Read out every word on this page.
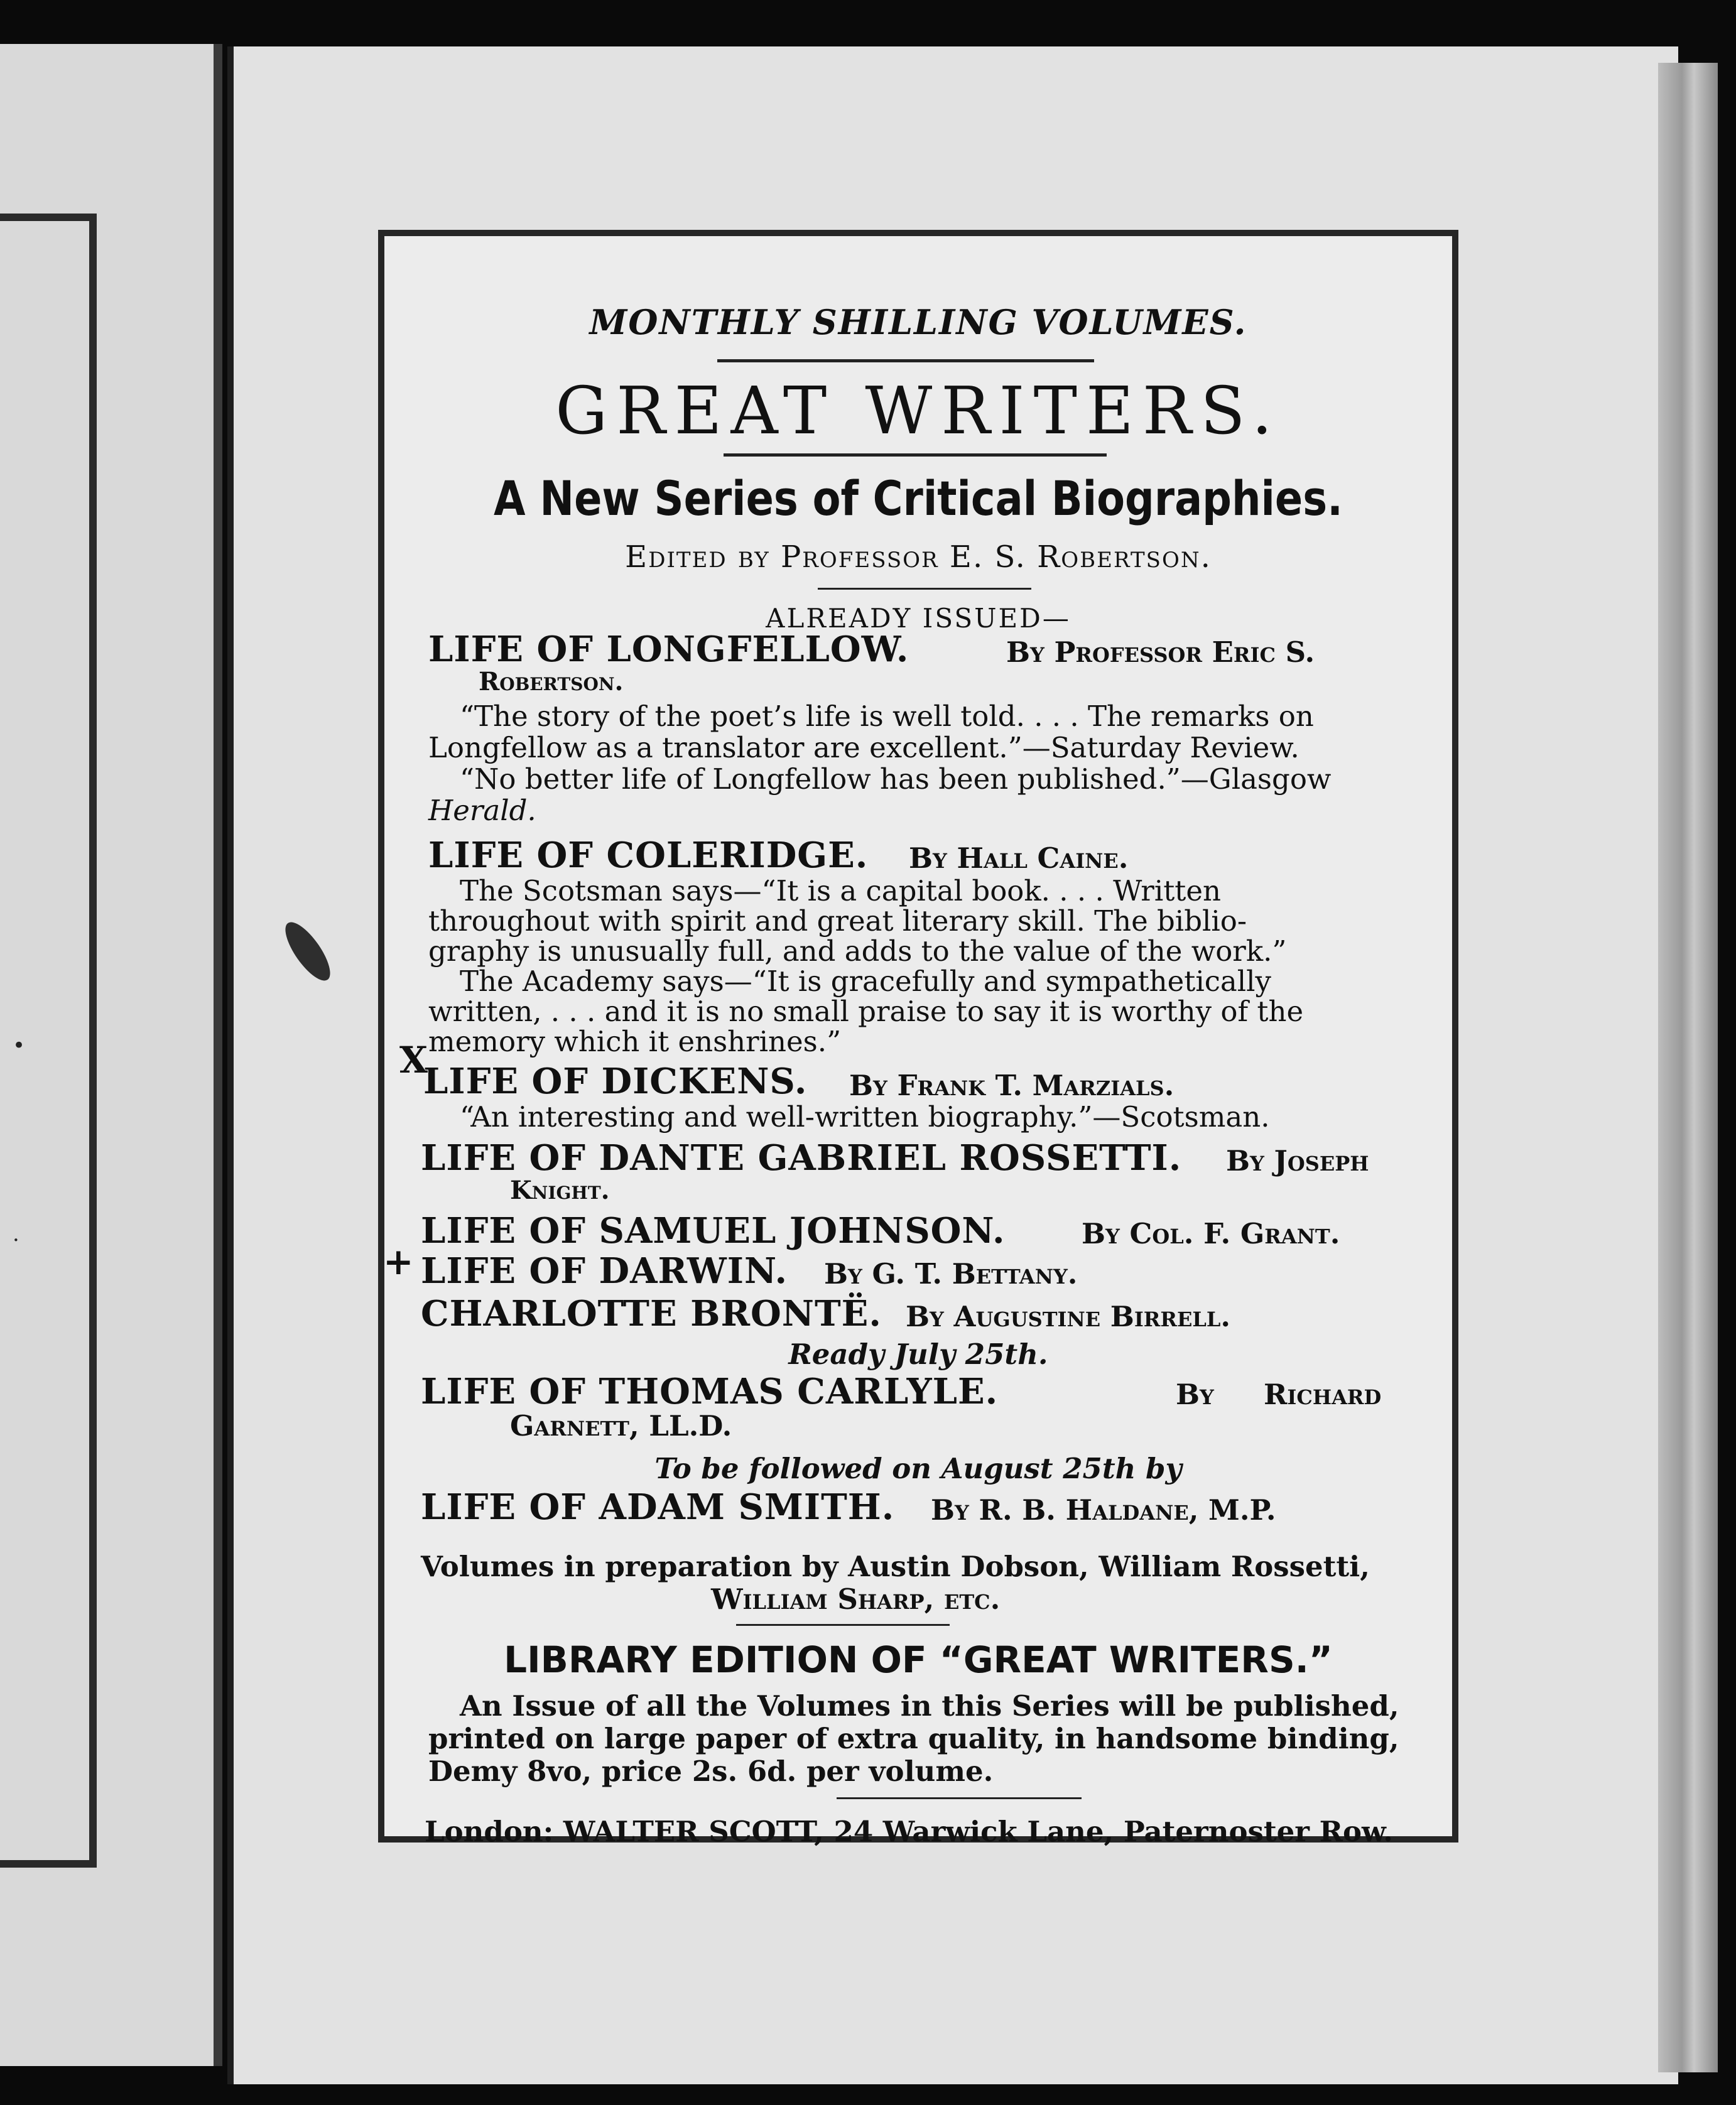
•
·
MONTHLY SHILLING VOLUMES.
GREAT WRITERS.
A New Series of Critical Biographies.
Edited by Professor E. S. Robertson.
ALREADY ISSUED—
LIFE OF LONGFELLOW.	By Professor Eric S.
Robertson.
“The story of the poet’s life is well told. . . . The remarks on
Longfellow as a translator are excellent.”—Saturday Review.
“No better life of Longfellow has been published.”—Glasgow
Herald.
LIFE OF COLERIDGE. By Hall Caine.
The Scotsman says—“It is a capital book. . . . Written
throughout with spirit and great literary skill. The biblio-
graphy is unusually full, and adds to the value of the work.”
The Academy says—“It is gracefully and sympathetically
written, . . . and it is no small praise to say it is worthy of the
memory which it enshrines.”
LIFE OF DICKENS. By Frank T. Marzials.
“An interesting and well-written biography.”—Scotsman.
LIFE OF DANTE GABRIEL ROSSETTI. By Joseph
Knight.
LIFE OF SAMUEL JOHNSON.	By Col. F. Grant.
LIFE OF DARWIN. By G. T. Bettany.
CHARLOTTE BRONTË. By Augustine Birrell.
Ready July 25th.
LIFE OF THOMAS CARLYLE.	By Richard
Garnett, LL.D.
To be followed on August 25th by
LIFE OF ADAM SMITH. By R. B. Haldane, M.P.
Volumes in preparation by Austin Dobson, William Rossetti,
William Sharp, etc.
LIBRARY EDITION OF “GREAT WRITERS.”
An Issue of all the Volumes in this Series will be published,
printed on large paper of extra quality, in handsome binding,
Demy 8vo, price 2s. 6d. per volume.
London: WALTER SCOTT, 24 Warwick Lane, Paternoster Row.
X
+
